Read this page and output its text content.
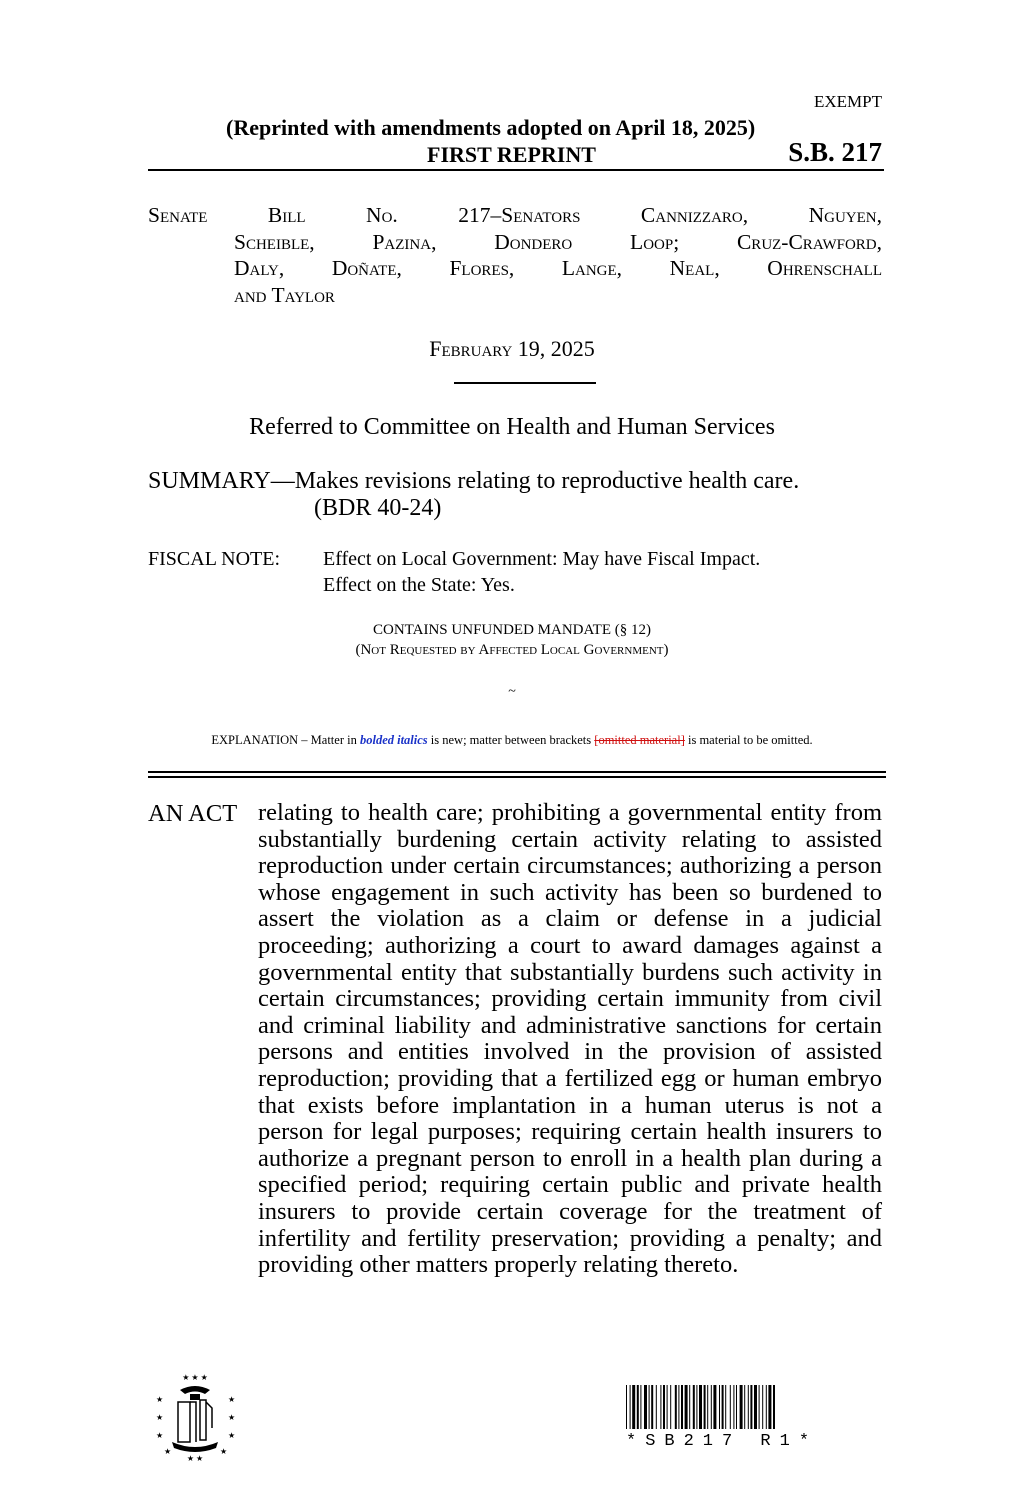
EXEMPT
(Reprinted with amendments adopted on April 18, 2025)
FIRST REPRINT	S.B. 217
Senate Bill No. 217–Senators Cannizzaro, Nguyen,
Scheible, Pazina, Dondero Loop; Cruz-Crawford,
Daly, Doñate, Flores, Lange, Neal, Ohrenschall
and Taylor
February 19, 2025
Referred to Committee on Health and Human Services
SUMMARY—Makes revisions relating to reproductive health care.
(BDR 40-24)
FISCAL NOTE: Effect on Local Government: May have Fiscal Impact.
Effect on the State: Yes.
CONTAINS UNFUNDED MANDATE (§ 12)
(Not Requested by Affected Local Government)
~
EXPLANATION – Matter in bolded italics is new; matter between brackets [omitted material] is material to be omitted.
AN ACT relating to health care; prohibiting a governmental entity from substantially burdening certain activity relating to assisted reproduction under certain circumstances; authorizing a person whose engagement in such activity has been so burdened to assert the violation as a claim or defense in a judicial proceeding; authorizing a court to award damages against a governmental entity that substantially burdens such activity in certain circumstances; providing certain immunity from civil and criminal liability and administrative sanctions for certain persons and entities involved in the provision of assisted reproduction; providing that a fertilized egg or human embryo that exists before implantation in a human uterus is not a person for legal purposes; requiring certain health insurers to authorize a pregnant person to enroll in a health plan during a specified period; requiring certain public and private health insurers to provide certain coverage for the treatment of infertility and fertility preservation; providing a penalty; and providing other matters properly relating thereto.
★ ★ ★
★
★
★
★
★
★
★	★
★ ★
*SB217 R1*
